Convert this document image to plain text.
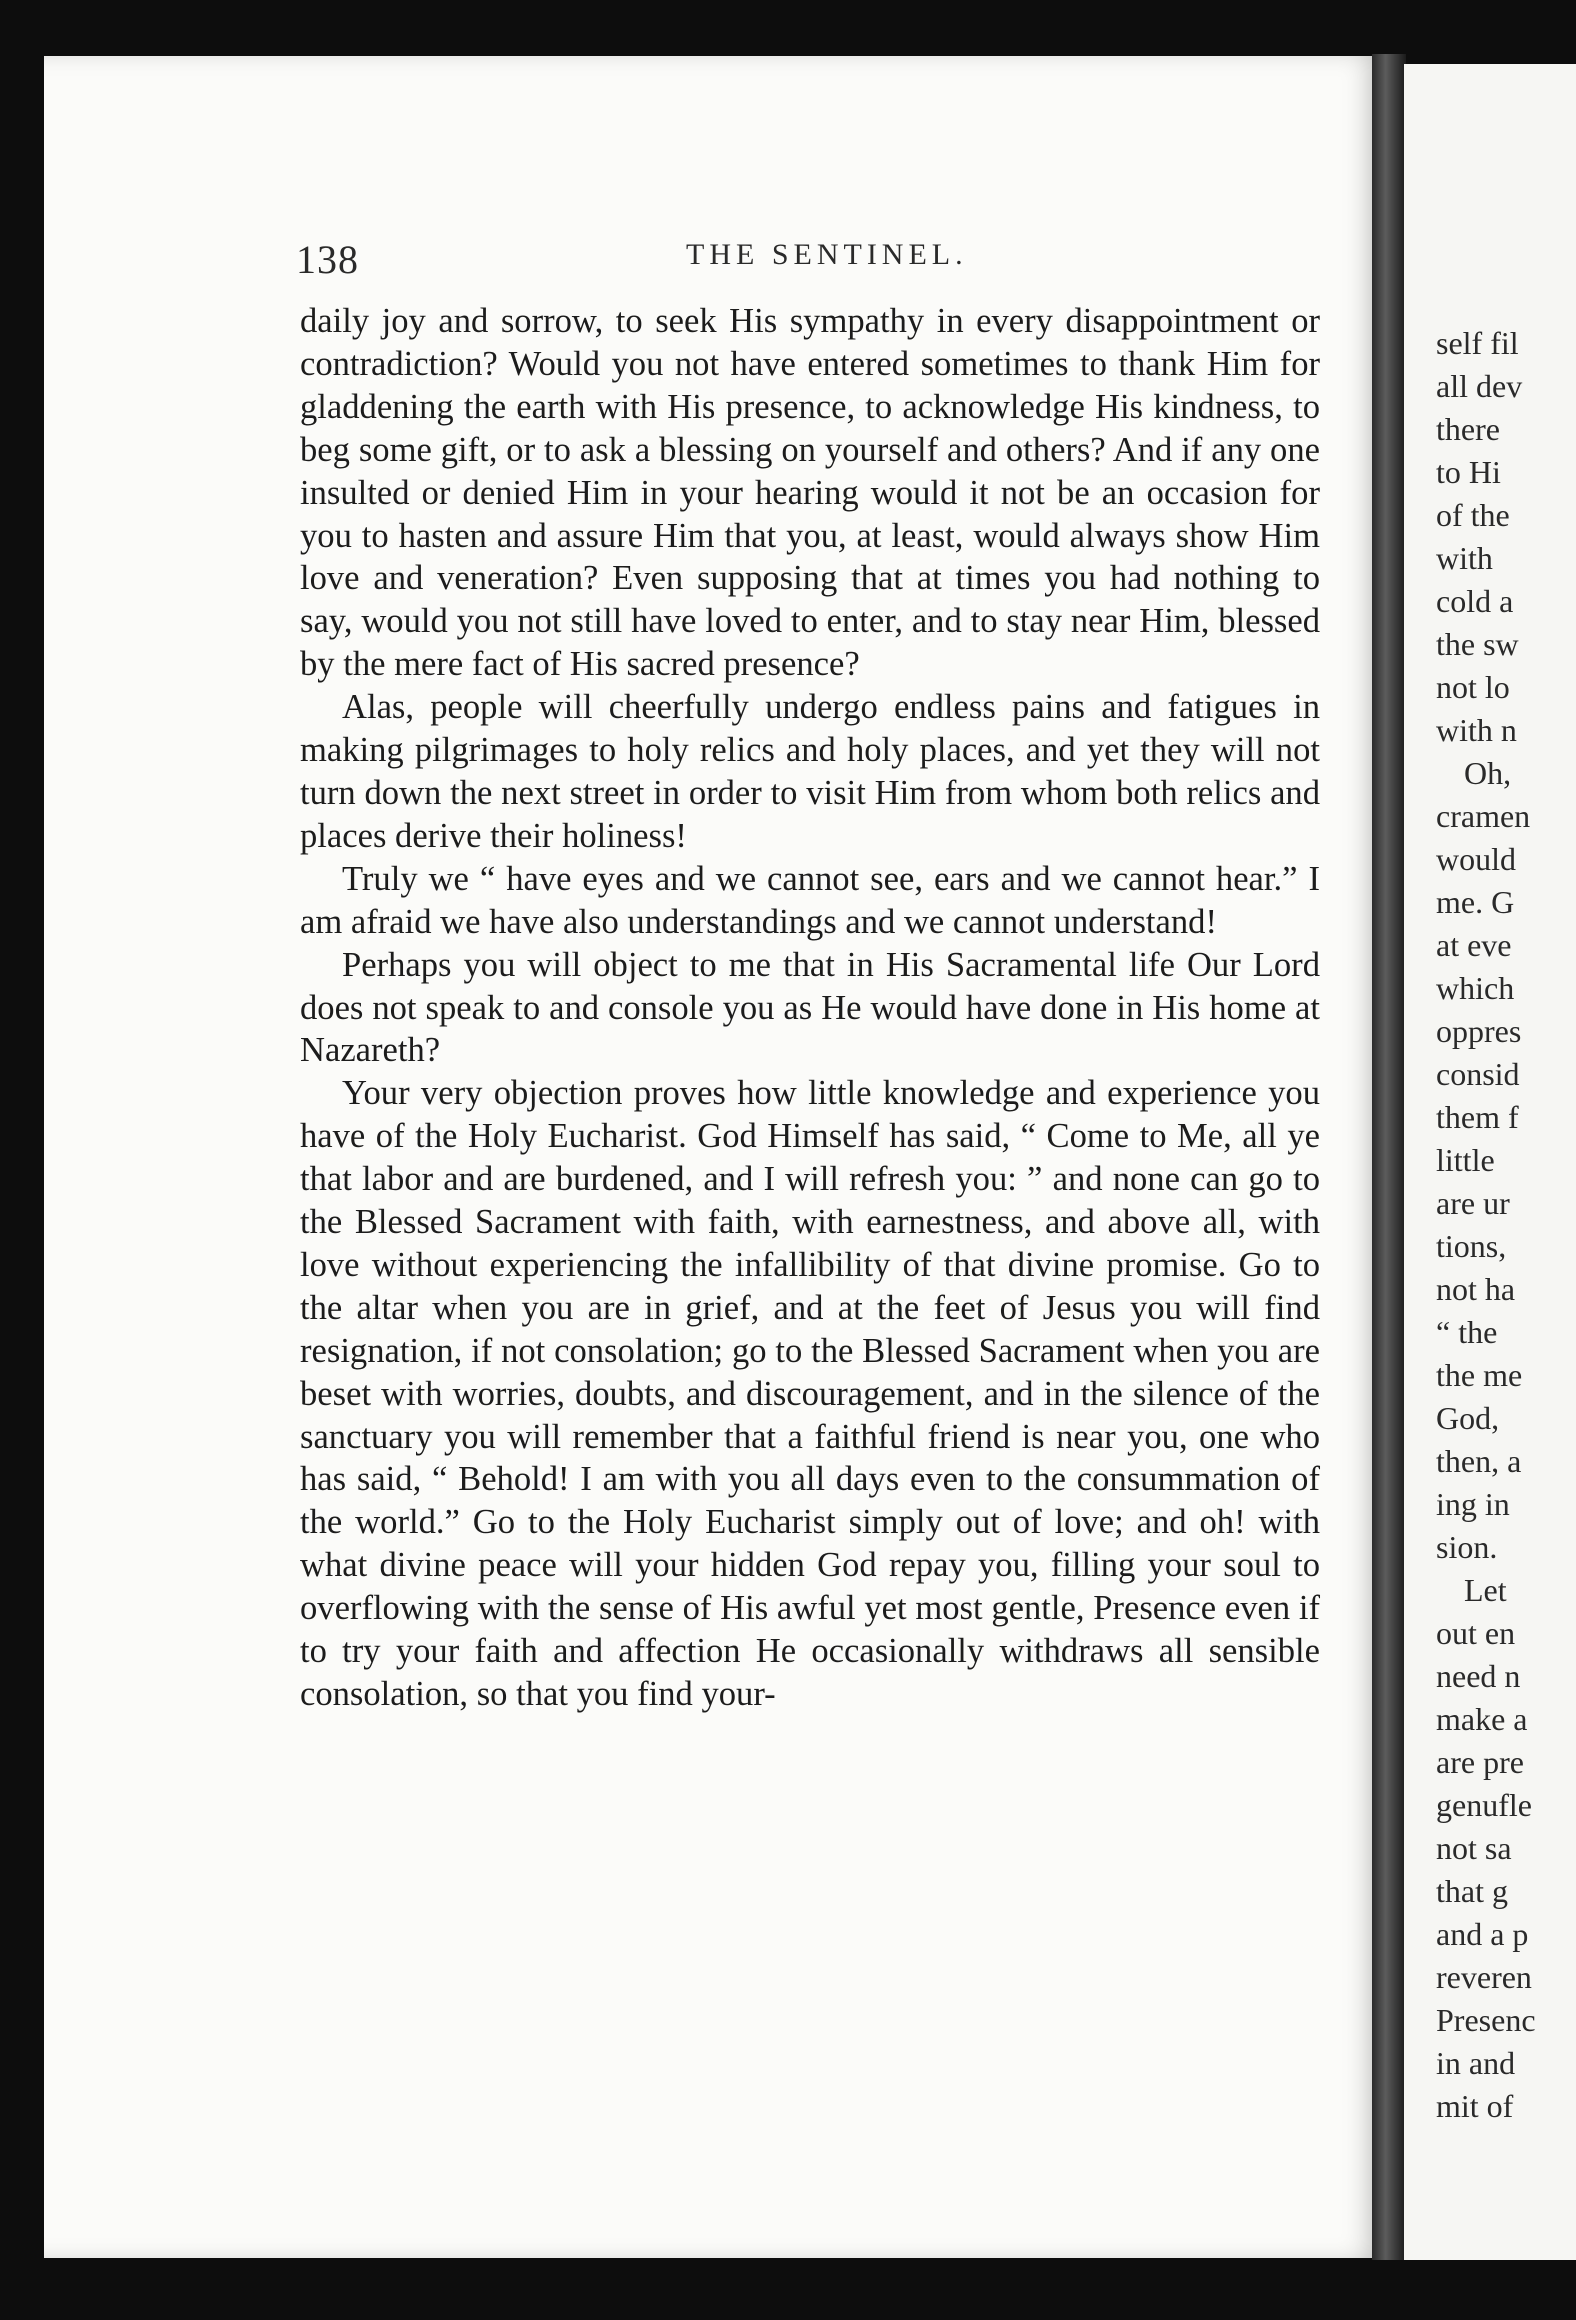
138	THE SENTINEL.

daily joy and sorrow, to seek His sympathy in every disappointment or contradiction? Would you not have entered sometimes to thank Him for gladdening the earth with His presence, to acknowledge His kindness, to beg some gift, or to ask a blessing on yourself and others? And if any one insulted or denied Him in your hearing would it not be an occasion for you to hasten and assure Him that you, at least, would always show Him love and veneration? Even supposing that at times you had nothing to say, would you not still have loved to enter, and to stay near Him, blessed by the mere fact of His sacred presence?

Alas, people will cheerfully undergo endless pains and fatigues in making pilgrimages to holy relics and holy places, and yet they will not turn down the next street in order to visit Him from whom both relics and places derive their holiness!

Truly we “ have eyes and we cannot see, ears and we cannot hear.” I am afraid we have also understandings and we cannot understand!

Perhaps you will object to me that in His Sacramental life Our Lord does not speak to and console you as He would have done in His home at Nazareth?

Your very objection proves how little knowledge and experience you have of the Holy Eucharist. God Himself has said, “ Come to Me, all ye that labor and are burdened, and I will refresh you: ” and none can go to the Blessed Sacrament with faith, with earnestness, and above all, with love without experiencing the infallibility of that divine promise. Go to the altar when you are in grief, and at the feet of Jesus you will find resignation, if not consolation; go to the Blessed Sacrament when you are beset with worries, doubts, and discouragement, and in the silence of the sanctuary you will remember that a faithful friend is near you, one who has said, “ Behold! I am with you all days even to the consummation of the world.” Go to the Holy Eucharist simply out of love; and oh! with what divine peace will your hidden God repay you, filling your soul to overflowing with the sense of His awful yet most gentle, Presence even if to try your faith and affection He occasionally withdraws all sensible consolation, so that you find your-

self fil
all dev
there
to Hi
of the
with
cold a
the sw
not lo
with n
Oh,
cramen
would
me. G
at eve
which
oppres
consid
them f
little
are ur
tions,
not ha
“ the
the me
God,
then, a
ing in
sion.
Let
out en
need n
make a
are pre
genufle
not sa
that g
and a p
reveren
Presenc
in and
mit of
